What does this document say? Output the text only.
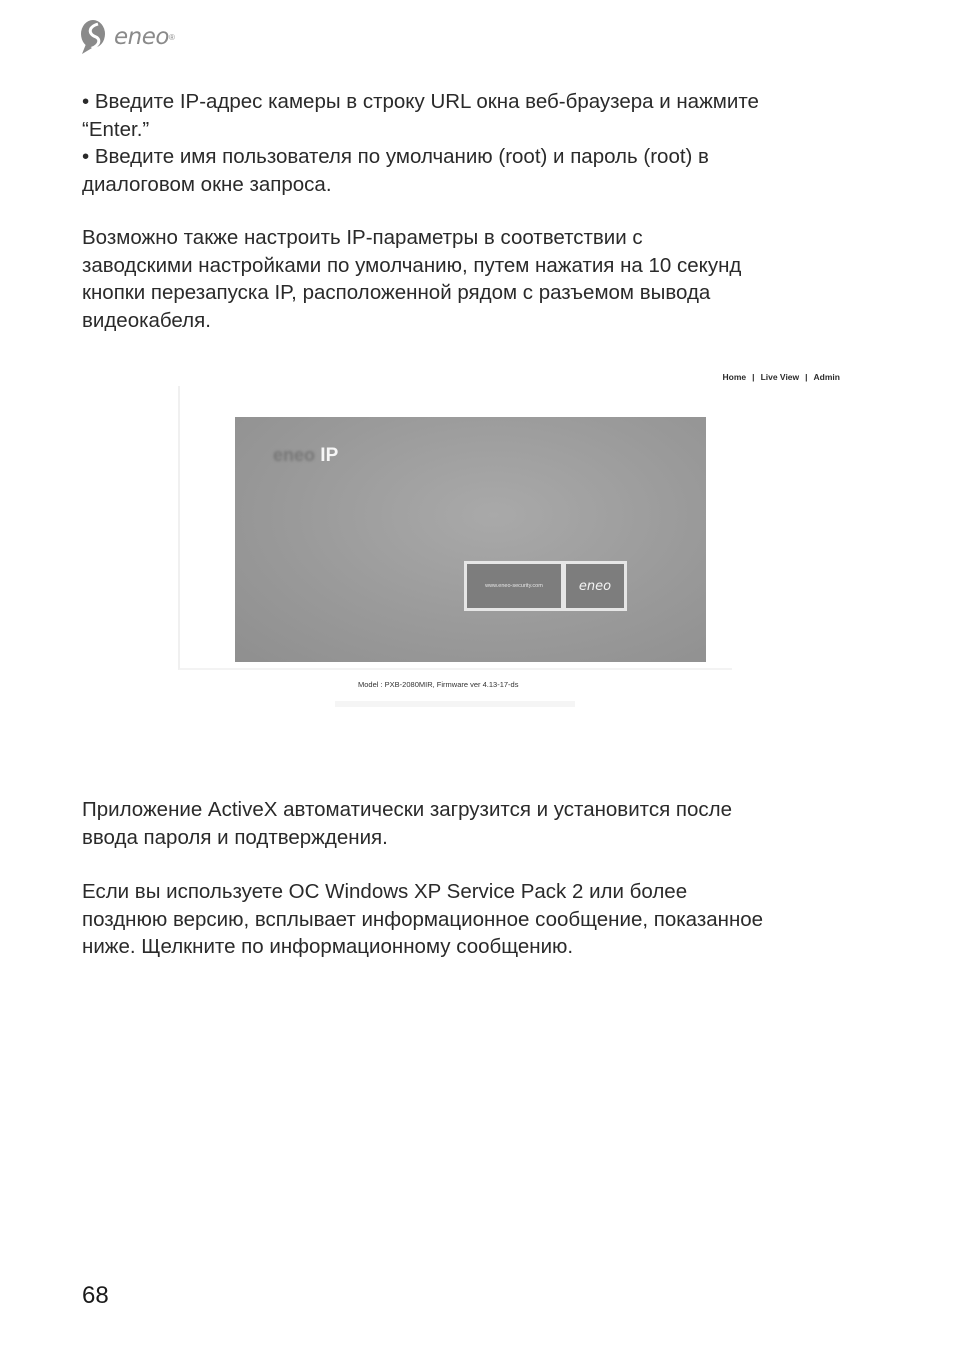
eneo ®

• Введите IP-адрес камеры в строку URL окна веб-браузера и нажмите
“Enter.”
• Введите имя пользователя по умолчанию (root) и пароль (root) в
диалоговом окне запроса.

Возможно также настроить IP-параметры в соответствии с
заводскими настройками по умолчанию, путем нажатия на 10 секунд
кнопки перезапуска IP, расположенной рядом с разъемом вывода
видеокабеля.

Home | Live View | Admin
eneo IP
www.eneo-security.com	eneo
Model : PXB-2080MIR, Firmware ver 4.13-17-ds

Приложение ActiveX автоматически загрузится и установится после
ввода пароля и подтверждения.

Если вы используете ОС Windows XP Service Pack 2 или более
позднюю версию, всплывает информационное сообщение, показанное
ниже. Щелкните по информационному сообщению.

68
